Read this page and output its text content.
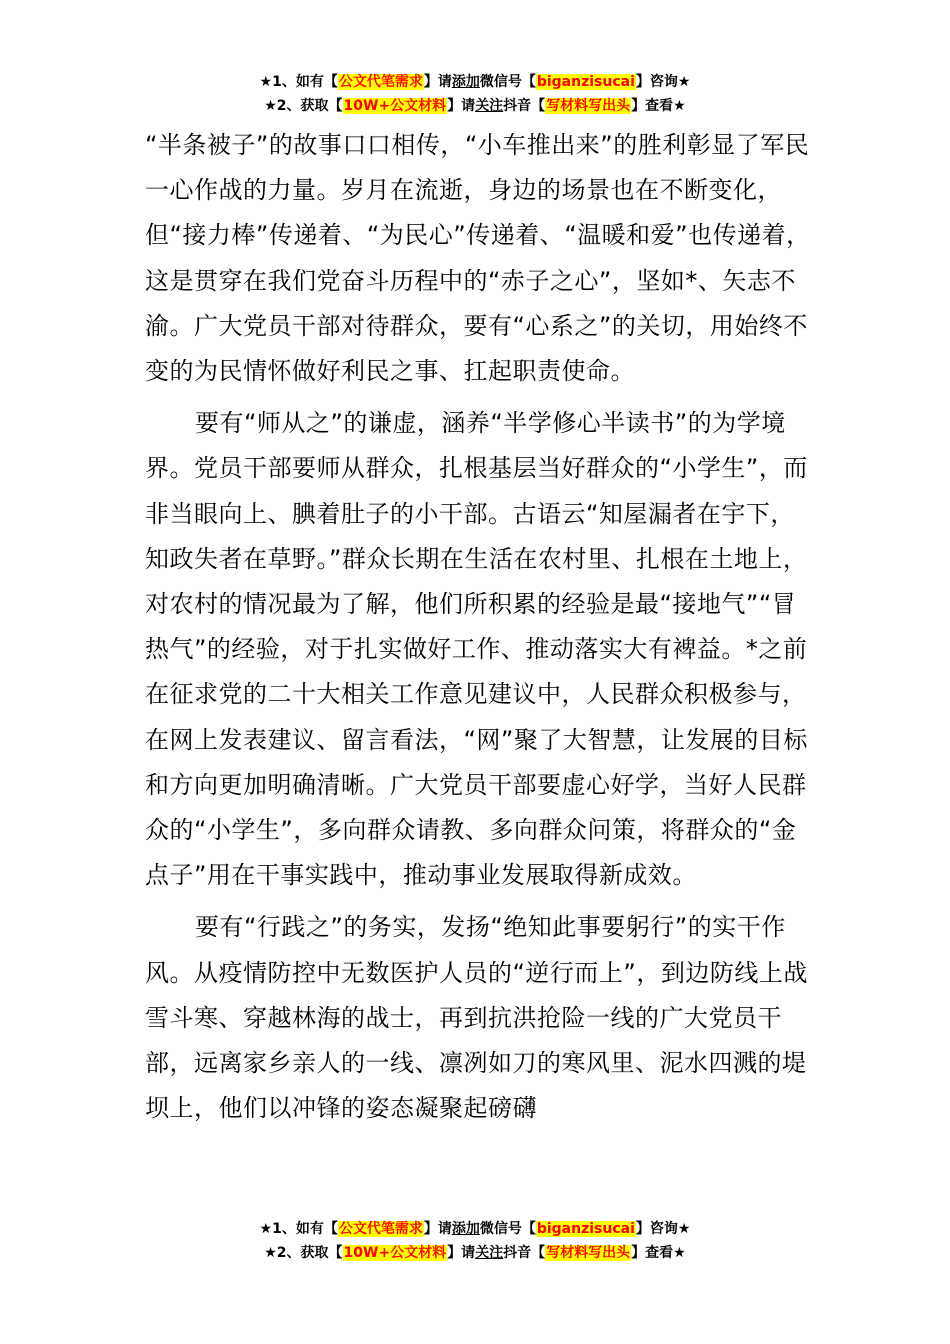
★1、如有【公文代笔需求】请添加微信号【biganzisucai】咨询★
★2、获取【10W+公文材料】请关注抖音【写材料写出头】查看★

“半条被子”的故事口口相传，“小车推出来”的胜利彰显了军民一心作战的力量。岁月在流逝，身边的场景也在不断变化，但“接力棒”传递着、“为民心”传递着、“温暖和爱”也传递着，这是贯穿在我们党奋斗历程中的“赤子之心”，坚如*、矢志不渝。广大党员干部对待群众，要有“心系之”的关切，用始终不变的为民情怀做好利民之事、扛起职责使命。

要有“师从之”的谦虚，涵养“半学修心半读书”的为学境界。党员干部要师从群众，扎根基层当好群众的“小学生”，而非当眼向上、腆着肚子的小干部。古语云“知屋漏者在宇下，知政失者在草野。”群众长期在生活在农村里、扎根在土地上，对农村的情况最为了解，他们所积累的经验是最“接地气”“冒热气”的经验，对于扎实做好工作、推动落实大有裨益。*之前在征求党的二十大相关工作意见建议中，人民群众积极参与，在网上发表建议、留言看法，“网”聚了大智慧，让发展的目标和方向更加明确清晰。广大党员干部要虚心好学，当好人民群众的“小学生”，多向群众请教、多向群众问策，将群众的“金点子”用在干事实践中，推动事业发展取得新成效。

要有“行践之”的务实，发扬“绝知此事要躬行”的实干作风。从疫情防控中无数医护人员的“逆行而上”，到边防线上战雪斗寒、穿越林海的战士，再到抗洪抢险一线的广大党员干部，远离家乡亲人的一线、凛冽如刀的寒风里、泥水四溅的堤坝上，他们以冲锋的姿态凝聚起磅礴

★1、如有【公文代笔需求】请添加微信号【biganzisucai】咨询★
★2、获取【10W+公文材料】请关注抖音【写材料写出头】查看★
